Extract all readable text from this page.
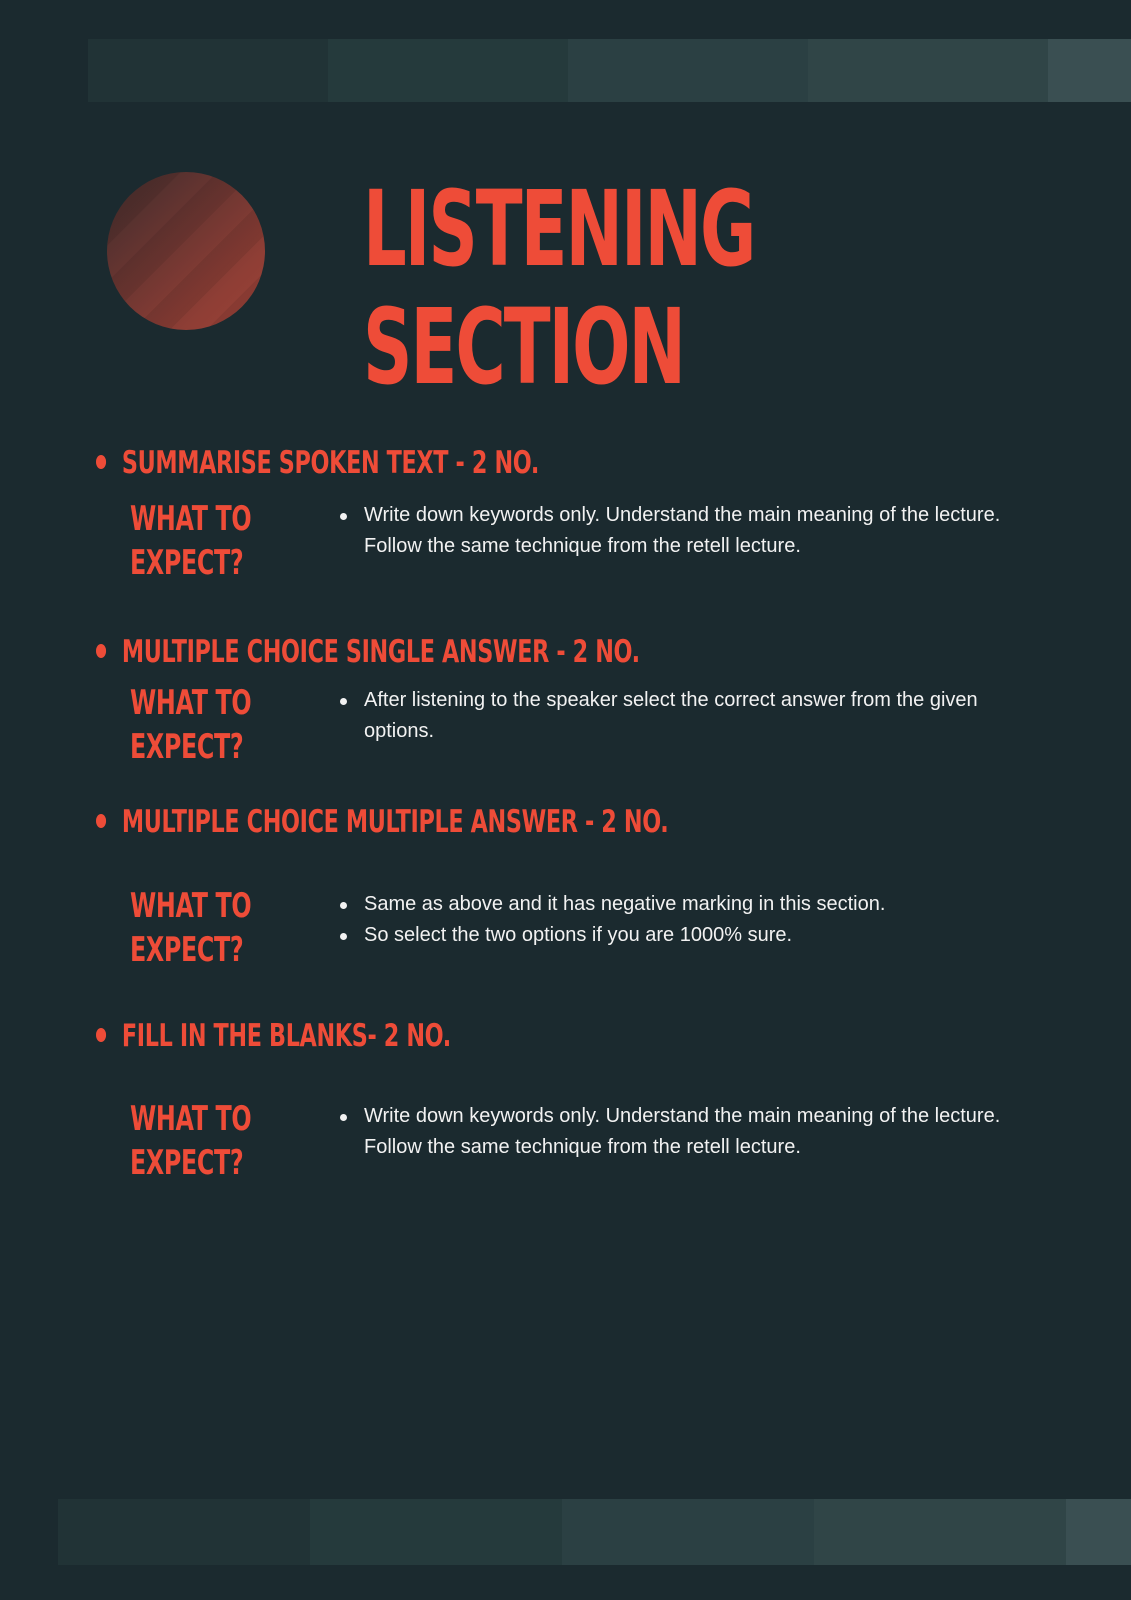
LISTENING
SECTION
SUMMARISE SPOKEN TEXT - 2 NO.
WHAT TO
EXPECT?
Write down keywords only. Understand the main meaning of the lecture. Follow the same technique from the retell lecture.
MULTIPLE CHOICE SINGLE ANSWER - 2 NO.
WHAT TO
EXPECT?
After listening to the speaker select the correct answer from the given options.
MULTIPLE CHOICE MULTIPLE ANSWER - 2 NO.
WHAT TO
EXPECT?
Same as above and it has negative marking in this section.
So select the two options if you are 1000% sure.
FILL IN THE BLANKS- 2 NO.
WHAT TO
EXPECT?
Write down keywords only. Understand the main meaning of the lecture. Follow the same technique from the retell lecture.
